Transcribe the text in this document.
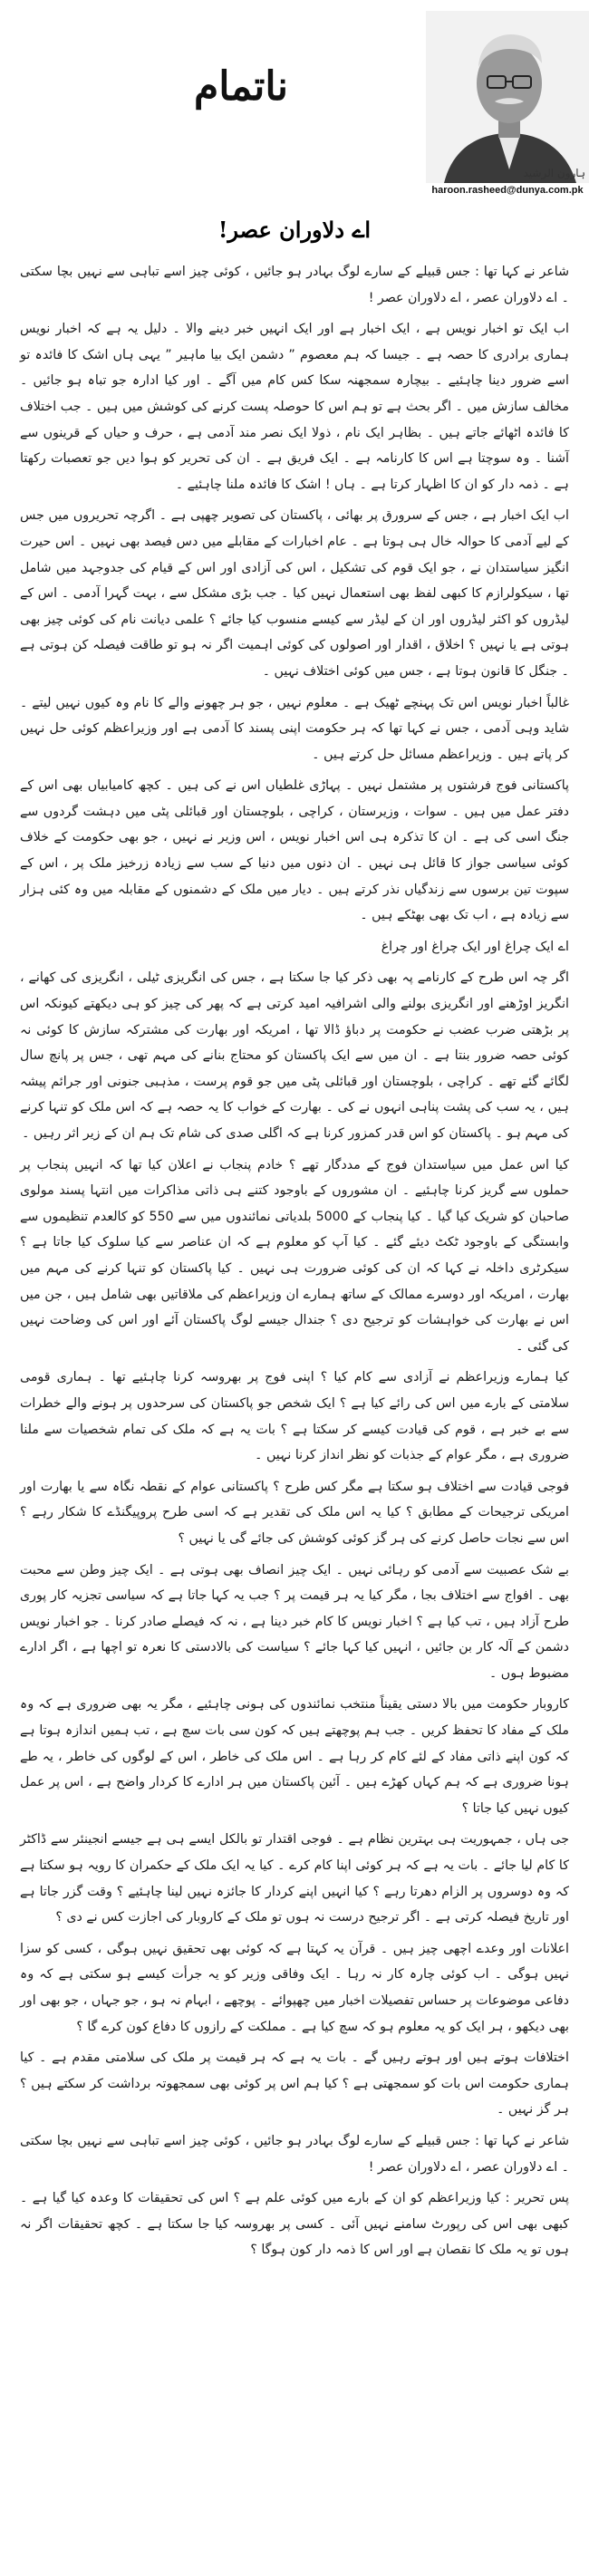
ناتمام
ہارون الرشید
haroon.rasheed@dunya.com.pk
اے دلاوران عصر!

شاعر نے کہا تھا : جس قبیلے کے سارے لوگ بہادر ہو جائیں ، کوئی چیز اسے تباہی سے نہیں بچا سکتی ۔ اے دلاوران عصر ، اے دلاوران عصر !

اب ایک تو اخبار نویس ہے ، ایک اخبار ہے اور ایک انہیں خبر دینے والا ۔ دلیل یہ ہے کہ اخبار نویس ہماری برادری کا حصہ ہے ۔ جیسا کہ ہم معصوم ” دشمن ایک بیا ماہیر ” یہی ہاں اشک کا فائدہ تو اسے ضرور دینا چاہئیے ۔ بیچارہ سمجھنہ سکا کس کام میں آگے ۔ اور کیا ادارہ جو تباہ ہو جائیں ۔ مخالف سازش میں ۔ اگر بحث ہے تو ہم اس کا حوصلہ پست کرنے کی کوشش میں ہیں ۔ جب اختلاف کا فائدہ اٹھائے جاتے ہیں ۔ بظاہر ایک نام ، ذولا ایک نصر مند آدمی ہے ، حرف و حیاں کے قرینوں سے آشنا ۔ وہ سوچتا ہے اس کا کارنامہ ہے ۔ ایک فریق ہے ۔ ان کی تحریر کو ہوا دیں جو تعصبات رکھتا ہے ۔ ذمہ دار کو ان کا اظہار کرتا ہے ۔ ہاں ! اشک کا فائدہ ملنا چاہئیے ۔

اب ایک اخبار ہے ، جس کے سرورق پر بھائی ، پاکستان کی تصویر چھپی ہے ۔ اگرچہ تحریروں میں جس کے لیے آدمی کا حوالہ خال ہی ہوتا ہے ۔ عام اخبارات کے مقابلے میں دس فیصد بھی نہیں ۔ اس حیرت انگیز سیاستدان نے ، جو ایک قوم کی تشکیل ، اس کی آزادی اور اس کے قیام کی جدوجہد میں شامل تھا ، سیکولرازم کا کبھی لفظ بھی استعمال نہیں کیا ۔ جب بڑی مشکل سے ، بہت گہرا آدمی ۔ اس کے لیڈروں کو اکثر لیڈروں اور ان کے لیڈر سے کیسے منسوب کیا جائے ؟ علمی دیانت نام کی کوئی چیز بھی ہوتی ہے یا نہیں ؟ اخلاق ، اقدار اور اصولوں کی کوئی اہمیت اگر نہ ہو تو طاقت فیصلہ کن ہوتی ہے ۔ جنگل کا قانون ہوتا ہے ، جس میں کوئی اختلاف نہیں ۔

غالباً اخبار نویس اس تک پہنچے ٹھیک ہے ۔ معلوم نہیں ، جو ہر چھونے والے کا نام وہ کیوں نہیں لیتے ۔ شاید وہی آدمی ، جس نے کہا تھا کہ ہر حکومت اپنی پسند کا آدمی ہے اور وزیراعظم کوئی حل نہیں کر پاتے ہیں ۔ وزیراعظم مسائل حل کرتے ہیں ۔

پاکستانی فوج فرشتوں پر مشتمل نہیں ۔ پہاڑی غلطیاں اس نے کی ہیں ۔ کچھ کامیابیاں بھی اس کے دفتر عمل میں ہیں ۔ سوات ، وزیرستان ، کراچی ، بلوچستان اور قبائلی پٹی میں دہشت گردوں سے جنگ اسی کی ہے ۔ ان کا تذکرہ ہی اس اخبار نویس ، اس وزیر نے نہیں ، جو بھی حکومت کے خلاف کوئی سیاسی جواز کا قائل ہی نہیں ۔ ان دنوں میں دنیا کے سب سے زیادہ زرخیز ملک پر ، اس کے سپوت تین برسوں سے زندگیاں نذر کرتے ہیں ۔ دیار میں ملک کے دشمنوں کے مقابلہ میں وہ کئی ہزار سے زیادہ ہے ، اب تک بھی بھٹکے ہیں ۔

اے ایک چراغ اور ایک چراغ اور چراغ

اگر چہ اس طرح کے کارنامے پہ بھی ذکر کیا جا سکتا ہے ، جس کی انگریزی ٹیلی ، انگریزی کی کھانے ، انگریز اوڑھنے اور انگریزی بولنے والی اشرافیہ امید کرتی ہے کہ پھر کی چیز کو ہی دیکھتے کیونکہ اس پر بڑھتی ضرب عضب نے حکومت پر دباؤ ڈالا تھا ، امریکہ اور بھارت کی مشترکہ سازش کا کوئی نہ کوئی حصہ ضرور بنتا ہے ۔ ان میں سے ایک پاکستان کو محتاج بنانے کی مہم تھی ، جس پر پانچ سال لگائے گئے تھے ۔ کراچی ، بلوچستان اور قبائلی پٹی میں جو قوم پرست ، مذہبی جنونی اور جرائم پیشہ ہیں ، یہ سب کی پشت پناہی انہوں نے کی ۔ بھارت کے خواب کا یہ حصہ ہے کہ اس ملک کو تنہا کرنے کی مہم ہو ۔ پاکستان کو اس قدر کمزور کرنا ہے کہ اگلی صدی کی شام تک ہم ان کے زیر اثر رہیں ۔

کیا اس عمل میں سیاستدان فوج کے مددگار تھے ؟ خادم پنجاب نے اعلان کیا تھا کہ انہیں پنجاب پر حملوں سے گریز کرنا چاہئیے ۔ ان مشوروں کے باوجود کتنے ہی ذاتی مذاکرات میں انتہا پسند مولوی صاحبان کو شریک کیا گیا ۔ کیا پنجاب کے 5000 بلدیاتی نمائندوں میں سے 550 کو کالعدم تنظیموں سے وابستگی کے باوجود ٹکٹ دیئے گئے ۔ کیا آپ کو معلوم ہے کہ ان عناصر سے کیا سلوک کیا جاتا ہے ؟ سیکرٹری داخلہ نے کہا کہ ان کی کوئی ضرورت ہی نہیں ۔ کیا پاکستان کو تنہا کرنے کی مہم میں بھارت ، امریکہ اور دوسرے ممالک کے ساتھ ہمارے ان وزیراعظم کی ملاقاتیں بھی شامل ہیں ، جن میں اس نے بھارت کی خواہشات کو ترجیح دی ؟ جندال جیسے لوگ پاکستان آئے اور اس کی وضاحت نہیں کی گئی ۔

کیا ہمارے وزیراعظم نے آزادی سے کام کیا ؟ اپنی فوج پر بھروسہ کرنا چاہئیے تھا ۔ ہماری قومی سلامتی کے بارے میں اس کی رائے کیا ہے ؟ ایک شخص جو پاکستان کی سرحدوں پر ہونے والے خطرات سے بے خبر ہے ، قوم کی قیادت کیسے کر سکتا ہے ؟ بات یہ ہے کہ ملک کی تمام شخصیات سے ملنا ضروری ہے ، مگر عوام کے جذبات کو نظر انداز کرنا نہیں ۔

فوجی قیادت سے اختلاف ہو سکتا ہے مگر کس طرح ؟ پاکستانی عوام کے نقطہ نگاہ سے یا بھارت اور امریکی ترجیحات کے مطابق ؟ کیا یہ اس ملک کی تقدیر ہے کہ اسی طرح پروپیگنڈے کا شکار رہے ؟ اس سے نجات حاصل کرنے کی ہر گز کوئی کوشش کی جائے گی یا نہیں ؟

بے شک عصبیت سے آدمی کو رہائی نہیں ۔ ایک چیز انصاف بھی ہوتی ہے ۔ ایک چیز وطن سے محبت بھی ۔ افواج سے اختلاف بجا ، مگر کیا یہ ہر قیمت پر ؟ جب یہ کہا جاتا ہے کہ سیاسی تجزیہ کار پوری طرح آزاد ہیں ، تب کیا ہے ؟ اخبار نویس کا کام خبر دینا ہے ، نہ کہ فیصلے صادر کرنا ۔ جو اخبار نویس دشمن کے آلہ کار بن جائیں ، انہیں کیا کہا جائے ؟ سیاست کی بالادستی کا نعرہ تو اچھا ہے ، اگر ادارے مضبوط ہوں ۔

کاروبار حکومت میں بالا دستی یقیناً منتخب نمائندوں کی ہونی چاہئیے ، مگر یہ بھی ضروری ہے کہ وہ ملک کے مفاد کا تحفظ کریں ۔ جب ہم پوچھتے ہیں کہ کون سی بات سچ ہے ، تب ہمیں اندازہ ہوتا ہے کہ کون اپنے ذاتی مفاد کے لئے کام کر رہا ہے ۔ اس ملک کی خاطر ، اس کے لوگوں کی خاطر ، یہ طے ہونا ضروری ہے کہ ہم کہاں کھڑے ہیں ۔ آئین پاکستان میں ہر ادارے کا کردار واضح ہے ، اس پر عمل کیوں نہیں کیا جاتا ؟

جی ہاں ، جمہوریت ہی بہترین نظام ہے ۔ فوجی اقتدار تو بالکل ایسے ہی ہے جیسے انجینئر سے ڈاکٹر کا کام لیا جائے ۔ بات یہ ہے کہ ہر کوئی اپنا کام کرے ۔ کیا یہ ایک ملک کے حکمران کا رویہ ہو سکتا ہے کہ وہ دوسروں پر الزام دھرتا رہے ؟ کیا انہیں اپنے کردار کا جائزہ نہیں لینا چاہئیے ؟ وقت گزر جاتا ہے اور تاریخ فیصلہ کرتی ہے ۔ اگر ترجیح درست نہ ہوں تو ملک کے کاروبار کی اجازت کس نے دی ؟

اعلانات اور وعدے اچھی چیز ہیں ۔ قرآن یہ کہتا ہے کہ کوئی بھی تحقیق نہیں ہوگی ، کسی کو سزا نہیں ہوگی ۔ اب کوئی چارہ کار نہ رہا ۔ ایک وفاقی وزیر کو یہ جرأت کیسے ہو سکتی ہے کہ وہ دفاعی موضوعات پر حساس تفصیلات اخبار میں چھپوائے ۔ پوچھے ، ابہام نہ ہو ، جو جہاں ، جو بھی اور بھی دیکھو ، ہر ایک کو یہ معلوم ہو کہ سچ کیا ہے ۔ مملکت کے رازوں کا دفاع کون کرے گا ؟

اختلافات ہوتے ہیں اور ہوتے رہیں گے ۔ بات یہ ہے کہ ہر قیمت پر ملک کی سلامتی مقدم ہے ۔ کیا ہماری حکومت اس بات کو سمجھتی ہے ؟ کیا ہم اس پر کوئی بھی سمجھوتہ برداشت کر سکتے ہیں ؟ ہر گز نہیں ۔

شاعر نے کہا تھا : جس قبیلے کے سارے لوگ بہادر ہو جائیں ، کوئی چیز اسے تباہی سے نہیں بچا سکتی ۔ اے دلاوران عصر ، اے دلاوران عصر !

پس تحریر : کیا وزیراعظم کو ان کے بارے میں کوئی علم ہے ؟ اس کی تحقیقات کا وعدہ کیا گیا ہے ۔ کبھی بھی اس کی رپورٹ سامنے نہیں آئی ۔ کسی پر بھروسہ کیا جا سکتا ہے ۔ کچھ تحقیقات اگر نہ ہوں تو یہ ملک کا نقصان ہے اور اس کا ذمہ دار کون ہوگا ؟
